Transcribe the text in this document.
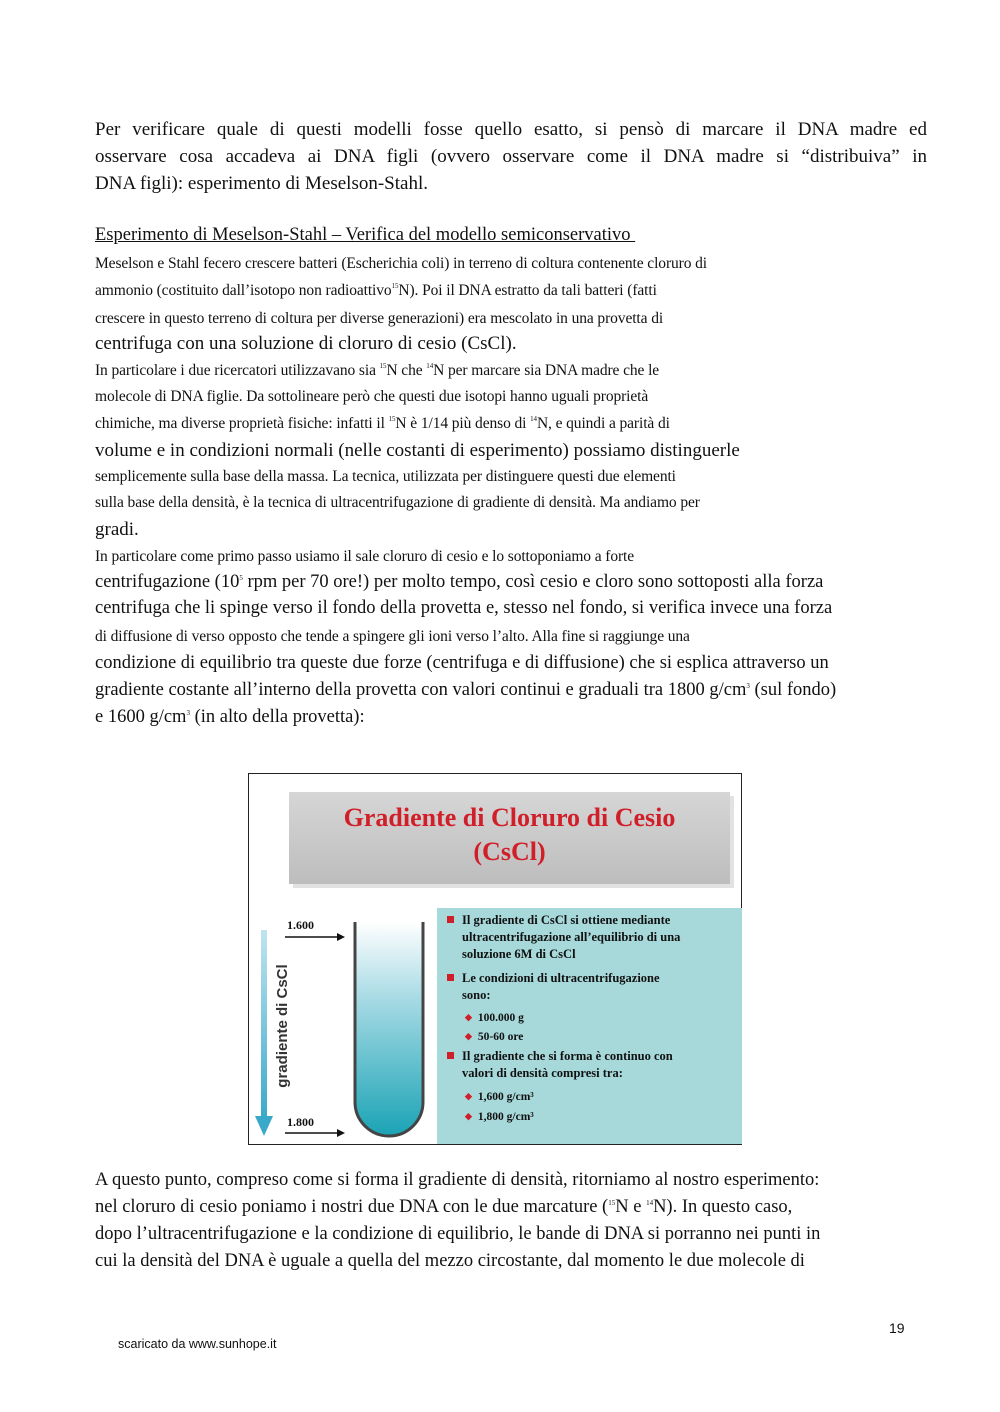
Per verificare quale di questi modelli fosse quello esatto, si pensò di marcare il DNA madre ed
osservare cosa accadeva ai DNA figli (ovvero osservare come il DNA madre si “distribuiva” in
DNA figli): esperimento di Meselson-Stahl.
Esperimento di Meselson-Stahl – Verifica del modello semiconservativo
Meselson e Stahl fecero crescere batteri (Escherichia coli) in terreno di coltura contenente cloruro di
ammonio (costituito dall’isotopo non radioattivo$^{15}$N). Poi il DNA estratto da tali batteri (fatti
crescere in questo terreno di coltura per diverse generazioni) era mescolato in una provetta di
centrifuga con una soluzione di cloruro di cesio (CsCl).
In particolare i due ricercatori utilizzavano sia $^{15}$N che $^{14}$N per marcare sia DNA madre che le
molecole di DNA figlie. Da sottolineare però che questi due isotopi hanno uguali proprietà
chimiche, ma diverse proprietà fisiche: infatti il $^{15}$N è 1/14 più denso di $^{14}$N, e quindi a parità di
volume e in condizioni normali (nelle costanti di esperimento) possiamo distinguerle
semplicemente sulla base della massa. La tecnica, utilizzata per distinguere questi due elementi
sulla base della densità, è la tecnica di ultracentrifugazione di gradiente di densità. Ma andiamo per
gradi.
In particolare come primo passo usiamo il sale cloruro di cesio e lo sottoponiamo a forte
centrifugazione ($10^5$ rpm per 70 ore!) per molto tempo, così cesio e cloro sono sottoposti alla forza
centrifuga che li spinge verso il fondo della provetta e, stesso nel fondo, si verifica invece una forza
di diffusione di verso opposto che tende a spingere gli ioni verso l’alto. Alla fine si raggiunge una
condizione di equilibrio tra queste due forze (centrifuga e di diffusione) che si esplica attraverso un
gradiente costante all’interno della provetta con valori continui e graduali tra 1800 $g/cm^3$ (sul fondo)
e 1600 $g/cm^3$ (in alto della provetta):
Gradiente di Cloruro di Cesio
(CsCl)
gradiente di CsCl
1.600
1.800
Il gradiente di CsCl si ottiene mediante
ultracentrifugazione all’equilibrio di una
soluzione 6M di CsCl
Le condizioni di ultracentrifugazione
sono:
◆ 100.000 g
◆ 50-60 ore
Il gradiente che si forma è continuo con
valori di densità compresi tra:
◆ 1,600 g/cm³
◆ 1,800 g/cm³
A questo punto, compreso come si forma il gradiente di densità, ritorniamo al nostro esperimento:
nel cloruro di cesio poniamo i nostri due DNA con le due marcature ($^{15}$N e $^{14}$N). In questo caso,
dopo l’ultracentrifugazione e la condizione di equilibrio, le bande di DNA si porranno nei punti in
cui la densità del DNA è uguale a quella del mezzo circostante, dal momento le due molecole di
19
scaricato da www.sunhope.it
